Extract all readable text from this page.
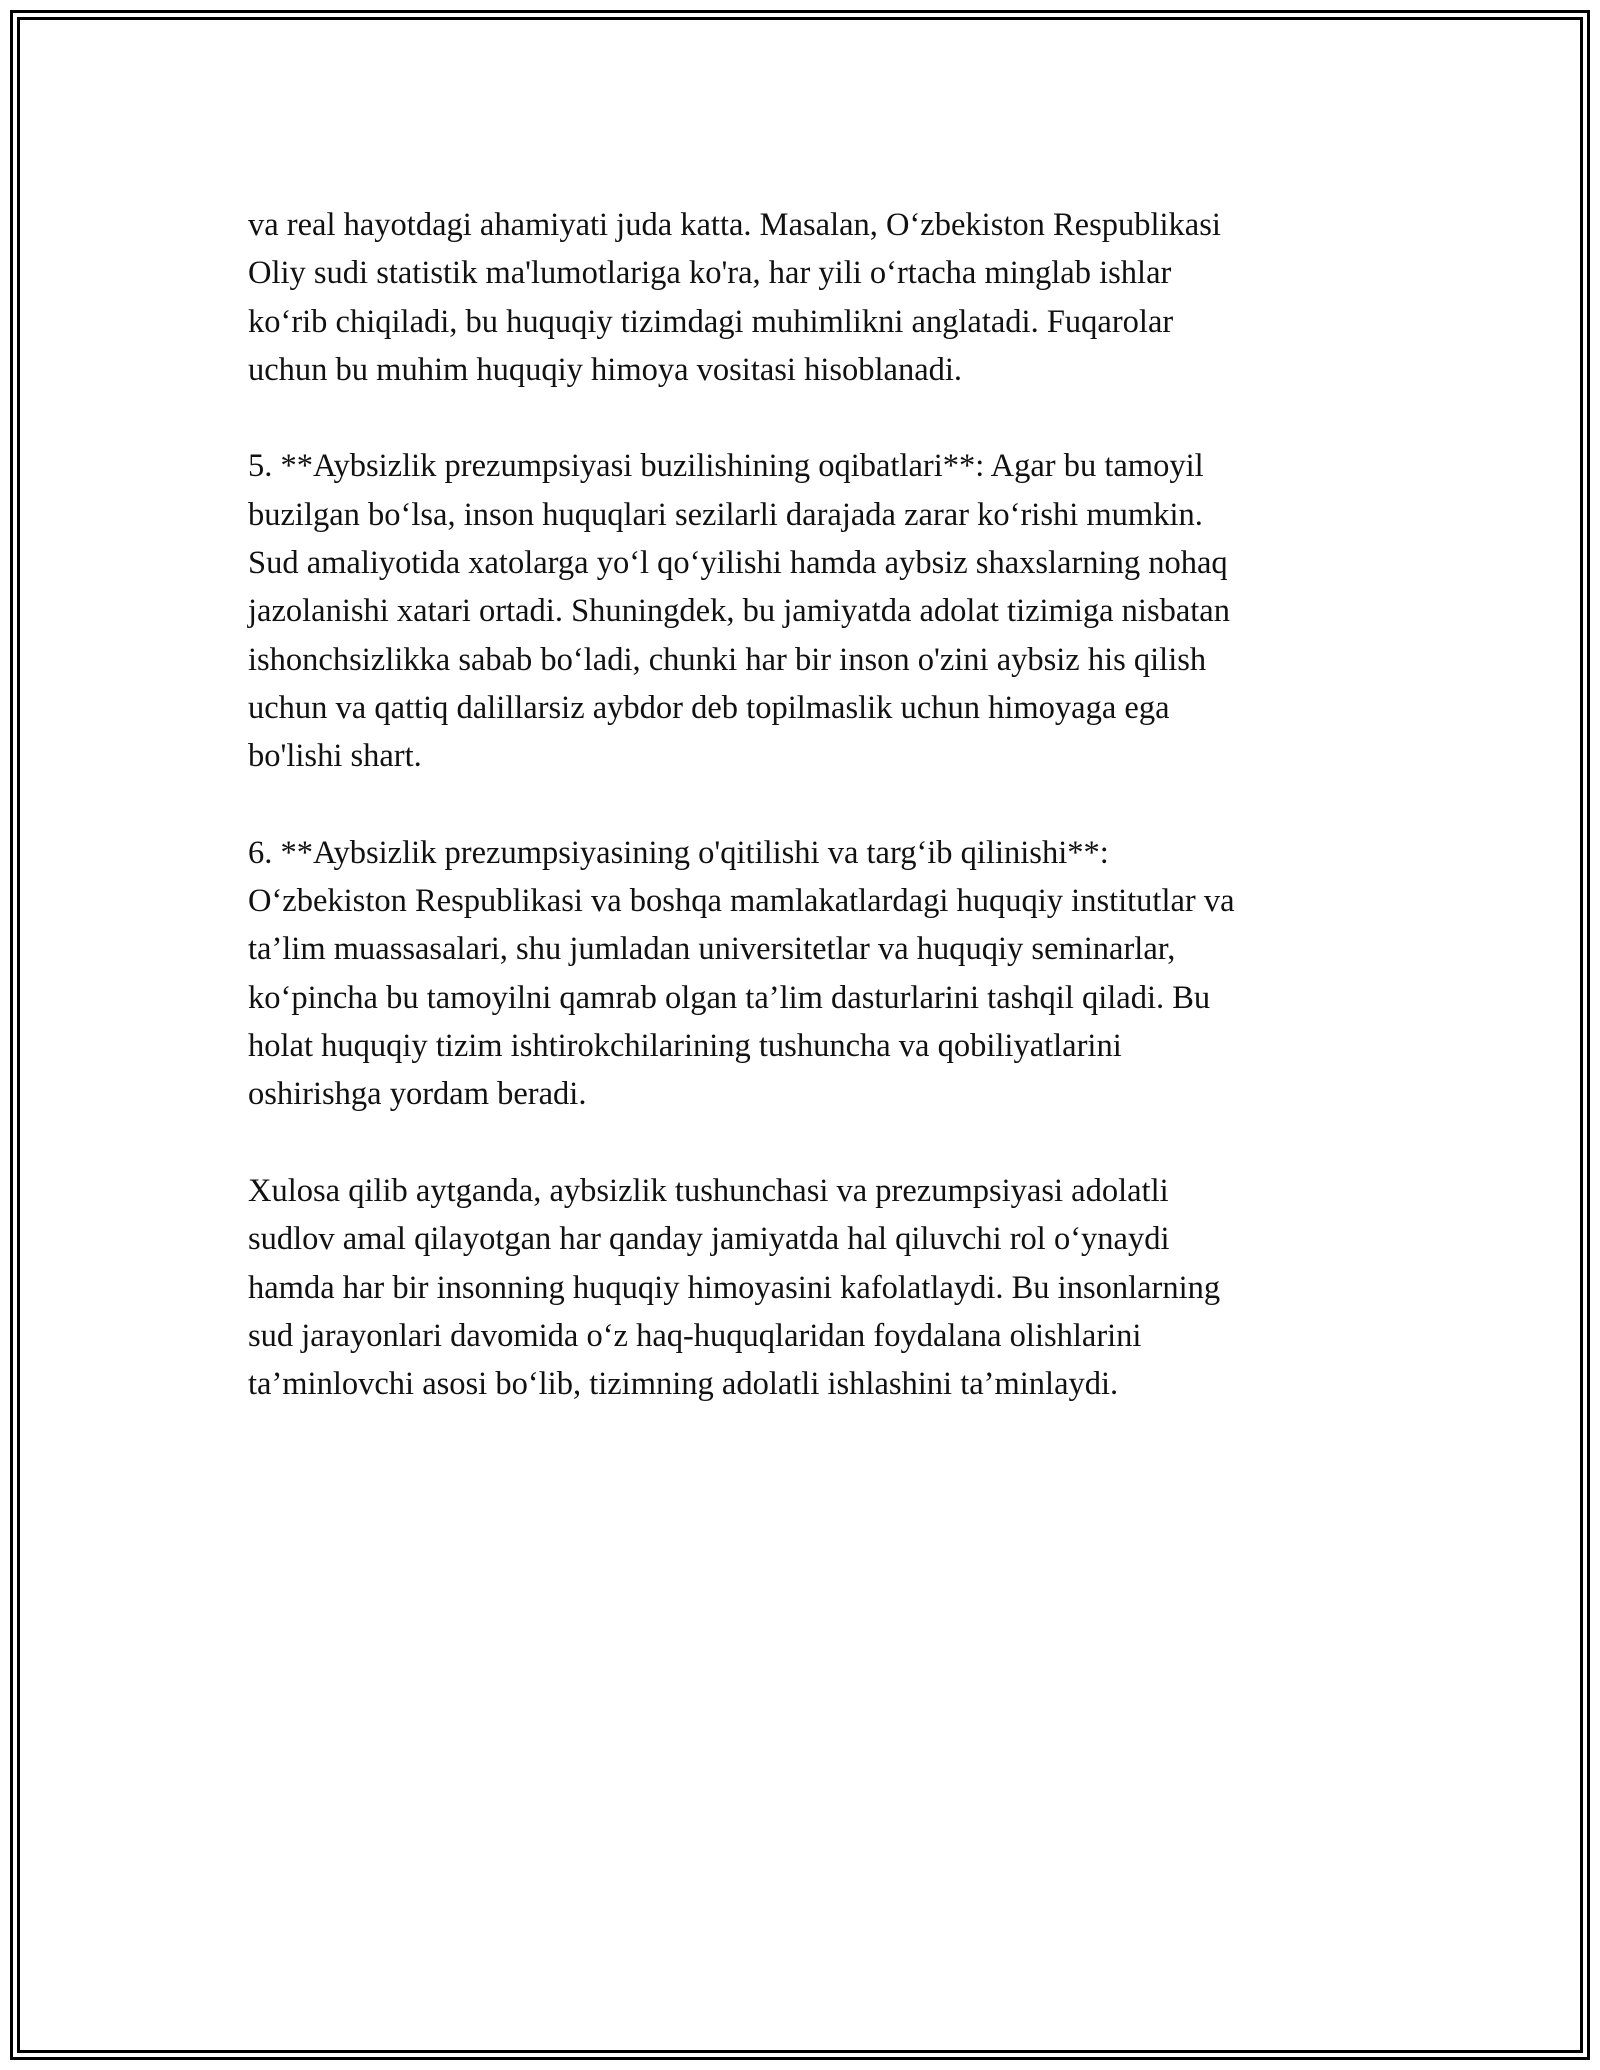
va real hayotdagi ahamiyati juda katta. Masalan, O‘zbekiston Respublikasi
Oliy sudi statistik ma'lumotlariga ko'ra, har yili o‘rtacha minglab ishlar
ko‘rib chiqiladi, bu huquqiy tizimdagi muhimlikni anglatadi. Fuqarolar
uchun bu muhim huquqiy himoya vositasi hisoblanadi.

5. **Aybsizlik prezumpsiyasi buzilishining oqibatlari**: Agar bu tamoyil
buzilgan bo‘lsa, inson huquqlari sezilarli darajada zarar ko‘rishi mumkin.
Sud amaliyotida xatolarga yo‘l qo‘yilishi hamda aybsiz shaxslarning nohaq
jazolanishi xatari ortadi. Shuningdek, bu jamiyatda adolat tizimiga nisbatan
ishonchsizlikka sabab bo‘ladi, chunki har bir inson o'zini aybsiz his qilish
uchun va qattiq dalillarsiz aybdor deb topilmaslik uchun himoyaga ega
bo'lishi shart.

6. **Aybsizlik prezumpsiyasining o'qitilishi va targ‘ib qilinishi**:
O‘zbekiston Respublikasi va boshqa mamlakatlardagi huquqiy institutlar va
ta’lim muassasalari, shu jumladan universitetlar va huquqiy seminarlar,
ko‘pincha bu tamoyilni qamrab olgan ta’lim dasturlarini tashqil qiladi. Bu
holat huquqiy tizim ishtirokchilarining tushuncha va qobiliyatlarini
oshirishga yordam beradi.

Xulosa qilib aytganda, aybsizlik tushunchasi va prezumpsiyasi adolatli
sudlov amal qilayotgan har qanday jamiyatda hal qiluvchi rol o‘ynaydi
hamda har bir insonning huquqiy himoyasini kafolatlaydi. Bu insonlarning
sud jarayonlari davomida o‘z haq-huquqlaridan foydalana olishlarini
ta’minlovchi asosi bo‘lib, tizimning adolatli ishlashini ta’minlaydi.
